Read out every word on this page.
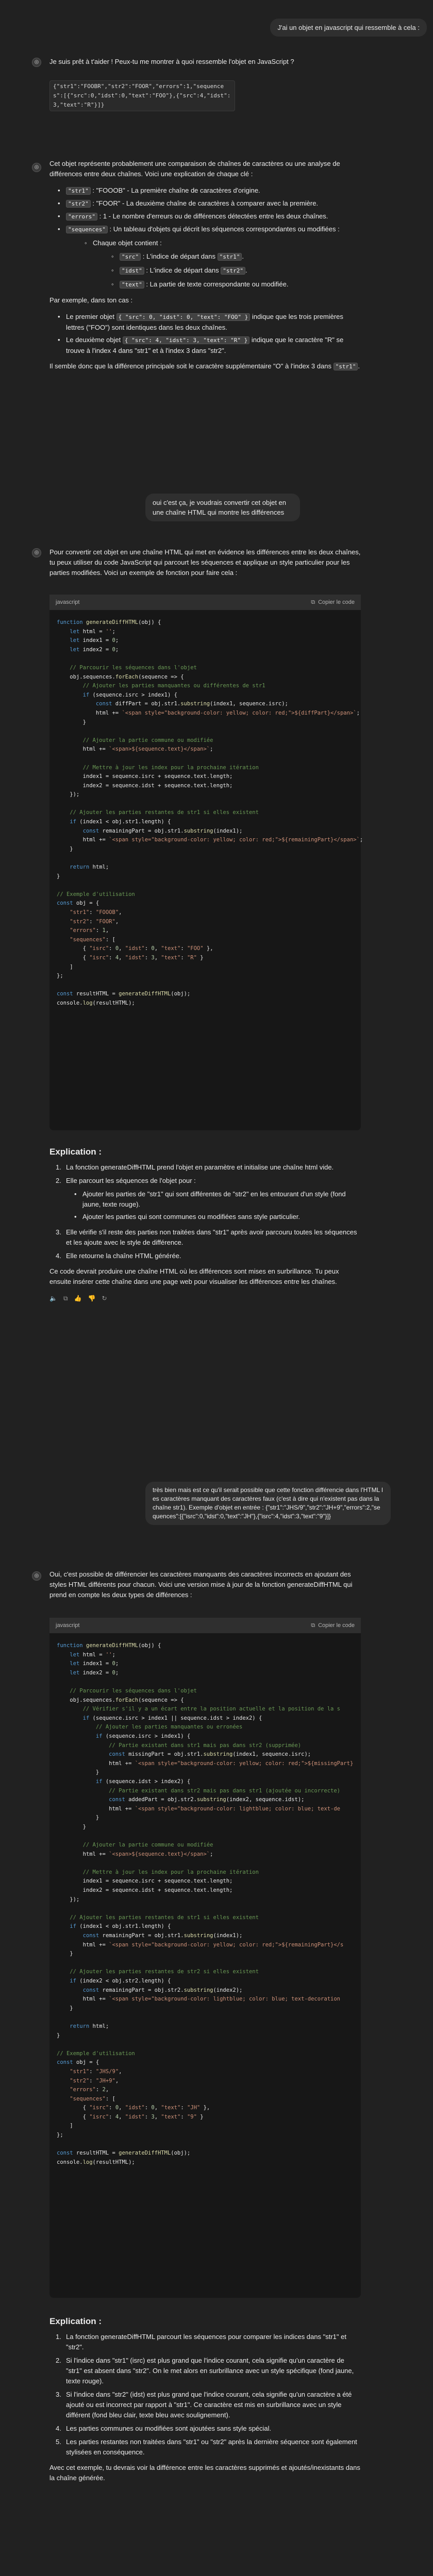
J'ai un objet en javascript qui ressemble à cela :
◎	Je suis prêt à t'aider ! Peux-tu me montrer à quoi ressemble l'objet en JavaScript ?

{"str1":"FOOBR","str2":"FOOR","errors":1,"sequences":[{"src":0,"idst":0,"text":"FOO"},{"src":4,"idst":3,"text":"R"}]}

◎	Cet objet représente probablement une comparaison de chaînes de caractères ou une analyse de différences entre deux chaînes. Voici une explication de chaque clé :

• "str1" : "FOOOB" - La première chaîne de caractères d'origine.
• "str2" : "FOOR" - La deuxième chaîne de caractères à comparer avec la première.
• "errors" : 1 - Le nombre d'erreurs ou de différences détectées entre les deux chaînes.
• "sequences" : Un tableau d'objets qui décrit les séquences correspondantes ou modifiées :
◦ Chaque objet contient :
◦ "src" : L'indice de départ dans "str1" .
◦ "idst" : L'indice de départ dans "str2" .
◦ "text" : La partie de texte correspondante ou modifiée.

Par exemple, dans ton cas :

• Le premier objet { "src": 0, "idst": 0, "text": "FOO" } indique que les trois premières lettres ("FOO") sont identiques dans les deux chaînes.
• Le deuxième objet { "src": 4, "idst": 3, "text": "R" } indique que le caractère "R" se trouve à l'index 4 dans "str1" et à l'index 3 dans "str2".

Il semble donc que la différence principale soit le caractère supplémentaire "O" à l'index 3 dans "str1" .

oui c'est ça, je voudrais convertir cet objet en une chaîne HTML qui montre les différences
◎	Pour convertir cet objet en une chaîne HTML qui met en évidence les différences entre les deux chaînes, tu peux utiliser du code JavaScript qui parcourt les séquences et applique un style particulier pour les parties modifiées. Voici un exemple de fonction pour faire cela :

javascript	⧉ Copier le code
function generateDiffHTML(obj) {
let html = '';
let index1 = 0;
let index2 = 0;

// Parcourir les séquences dans l'objet
obj.sequences.forEach(sequence => {
// Ajouter les parties manquantes ou différentes de str1
if (sequence.isrc > index1) {
const diffPart = obj.str1.substring(index1, sequence.isrc);
html += `<span style="background-color: yellow; color: red;">${diffPart}</span>`;
}

// Ajouter la partie commune ou modifiée
html += `<span>${sequence.text}</span>`;

// Mettre à jour les index pour la prochaine itération
index1 = sequence.isrc + sequence.text.length;
index2 = sequence.idst + sequence.text.length;
});

// Ajouter les parties restantes de str1 si elles existent
if (index1 < obj.str1.length) {
const remainingPart = obj.str1.substring(index1);
html += `<span style="background-color: yellow; color: red;">${remainingPart}</span>`;
}

return html;
}

// Exemple d'utilisation
const obj = {
"str1": "FOOOB",
"str2": "FOOR",
"errors": 1,
"sequences": [
{ "isrc": 0, "idst": 0, "text": "FOO" },
{ "isrc": 4, "idst": 3, "text": "R" }
]
};

const resultHTML = generateDiffHTML(obj);
console.log(resultHTML);
Explication :
1. La fonction generateDiffHTML prend l'objet en paramètre et initialise une chaîne html vide.
2. Elle parcourt les séquences de l'objet pour :
• Ajouter les parties de "str1" qui sont différentes de "str2" en les entourant d'un style (fond jaune, texte rouge).
• Ajouter les parties qui sont communes ou modifiées sans style particulier.
3. Elle vérifie s'il reste des parties non traitées dans "str1" après avoir parcouru toutes les séquences et les ajoute avec le style de différence.
4. Elle retourne la chaîne HTML générée.

Ce code devrait produire une chaîne HTML où les différences sont mises en surbrillance. Tu peux ensuite insérer cette chaîne dans une page web pour visualiser les différences entre les chaînes.

🔈 ⧉ 👍 👎 ↻
très bien mais est ce qu'il serait possible que cette fonction différencie dans l'HTML les caractères manquant des caractères faux (c'est à dire qui n'existent pas dans la chaîne str1). Exemple d'objet en entrée : {"str1":"JHS/9","str2":"JH+9","errors":2,"sequences":[{"isrc":0,"idst":0,"text":"JH"},{"isrc":4,"idst":3,"text":"9"}]}
◎	Oui, c'est possible de différencier les caractères manquants des caractères incorrects en ajoutant des styles HTML différents pour chacun. Voici une version mise à jour de la fonction generateDiffHTML qui prend en compte les deux types de différences :

javascript	⧉ Copier le code
function generateDiffHTML(obj) {
let html = '';
let index1 = 0;
let index2 = 0;

// Parcourir les séquences dans l'objet
obj.sequences.forEach(sequence => {
// Vérifier s'il y a un écart entre la position actuelle et la position de la s
if (sequence.isrc > index1 || sequence.idst > index2) {
// Ajouter les parties manquantes ou erronées
if (sequence.isrc > index1) {
// Partie existant dans str1 mais pas dans str2 (supprimée)
const missingPart = obj.str1.substring(index1, sequence.isrc);
html += `<span style="background-color: yellow; color: red;">${missingPart}
}
if (sequence.idst > index2) {
// Partie existant dans str2 mais pas dans str1 (ajoutée ou incorrecte)
const addedPart = obj.str2.substring(index2, sequence.idst);
html += `<span style="background-color: lightblue; color: blue; text-de
}
}

// Ajouter la partie commune ou modifiée
html += `<span>${sequence.text}</span>`;

// Mettre à jour les index pour la prochaine itération
index1 = sequence.isrc + sequence.text.length;
index2 = sequence.idst + sequence.text.length;
});

// Ajouter les parties restantes de str1 si elles existent
if (index1 < obj.str1.length) {
const remainingPart = obj.str1.substring(index1);
html += `<span style="background-color: yellow; color: red;">${remainingPart}</s
}

// Ajouter les parties restantes de str2 si elles existent
if (index2 < obj.str2.length) {
const remainingPart = obj.str2.substring(index2);
html += `<span style="background-color: lightblue; color: blue; text-decoration
}

return html;
}

// Exemple d'utilisation
const obj = {
"str1": "JHS/9",
"str2": "JH+9",
"errors": 2,
"sequences": [
{ "isrc": 0, "idst": 0, "text": "JH" },
{ "isrc": 4, "idst": 3, "text": "9" }
]
};

const resultHTML = generateDiffHTML(obj);
console.log(resultHTML);
Explication :
1. La fonction generateDiffHTML parcourt les séquences pour comparer les indices dans "str1" et "str2".
2. Si l'indice dans "str1" (isrc) est plus grand que l'indice courant, cela signifie qu'un caractère de "str1" est absent dans "str2". On le met alors en surbrillance avec un style spécifique (fond jaune, texte rouge).
3. Si l'indice dans "str2" (idst) est plus grand que l'indice courant, cela signifie qu'un caractère a été ajouté ou est incorrect par rapport à "str1". Ce caractère est mis en surbrillance avec un style différent (fond bleu clair, texte bleu avec soulignement).
4. Les parties communes ou modifiées sont ajoutées sans style spécial.
5. Les parties restantes non traitées dans "str1" ou "str2" après la dernière séquence sont également stylisées en conséquence.

Avec cet exemple, tu devrais voir la différence entre les caractères supprimés et ajoutés/inexistants dans la chaîne générée.
